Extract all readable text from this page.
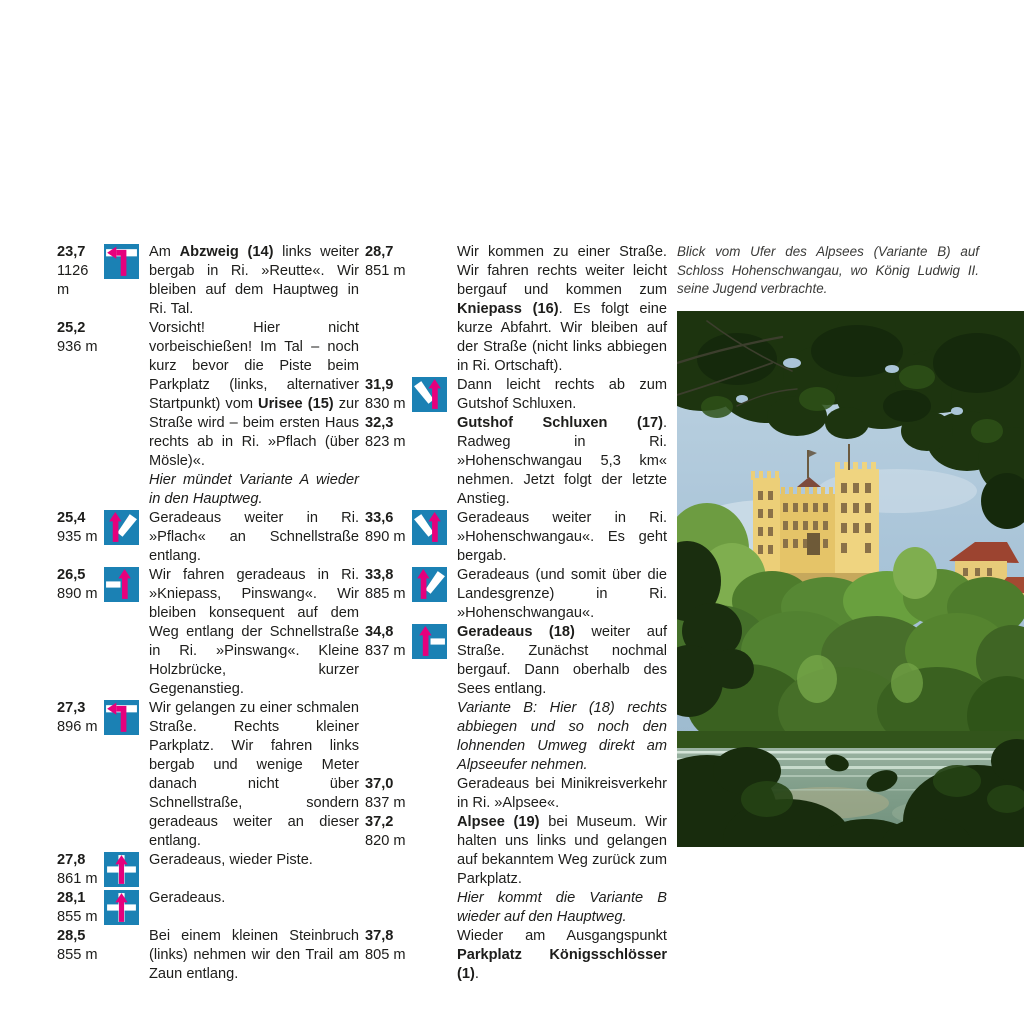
23,7
1126 m

Am Abzweig (14) links weiter bergab in Ri. »Reutte«. Wir bleiben auf dem Hauptweg in Ri. Tal.

25,2
936 m

Vorsicht! Hier nicht vorbeischießen! Im Tal – noch kurz bevor die Piste beim Parkplatz (links, alternativer Startpunkt) vom Urisee (15) zur Straße wird – beim ersten Haus rechts ab in Ri. »Pflach (über Mösle)«.

Hier mündet Variante A wieder in den Hauptweg.

25,4
935 m

Geradeaus weiter in Ri. »Pflach« an Schnellstraße entlang.

26,5
890 m

Wir fahren geradeaus in Ri. »Kniepass, Pinswang«. Wir bleiben konsequent auf dem Weg entlang der Schnellstraße in Ri. »Pinswang«. Kleine Holzbrücke, kurzer Gegenanstieg.

27,3
896 m

Wir gelangen zu einer schmalen Straße. Rechts kleiner Parkplatz. Wir fahren links bergab und wenige Meter danach nicht über Schnellstraße, sondern geradeaus weiter an dieser entlang.

27,8
861 m

Geradeaus, wieder Piste.

28,1
855 m

Geradeaus.

28,5
855 m

Bei einem kleinen Steinbruch (links) nehmen wir den Trail am Zaun entlang.

28,7
851 m

Wir kommen zu einer Straße. Wir fahren rechts weiter leicht bergauf und kommen zum Kniepass (16). Es folgt eine kurze Abfahrt. Wir bleiben auf der Straße (nicht links abbiegen in Ri. Ortschaft).

31,9
830 m

Dann leicht rechts ab zum Gutshof Schluxen.

32,3
823 m

Gutshof Schluxen (17). Radweg in Ri. »Hohenschwangau 5,3 km« nehmen. Jetzt folgt der letzte Anstieg.

33,6
890 m

Geradeaus weiter in Ri. »Hohenschwangau«. Es geht bergab.

33,8
885 m

Geradeaus (und somit über die Landesgrenze) in Ri. »Hohenschwangau«.

34,8
837 m

Geradeaus (18) weiter auf Straße. Zunächst nochmal bergauf. Dann oberhalb des Sees entlang.

Variante B: Hier (18) rechts abbiegen und so noch den lohnenden Umweg direkt am Alpseeufer nehmen.

37,0
837 m

Geradeaus bei Minikreisverkehr in Ri. »Alpsee«.

37,2
820 m

Alpsee (19) bei Museum. Wir halten uns links und gelangen auf bekanntem Weg zurück zum Parkplatz.

Hier kommt die Variante B wieder auf den Hauptweg.

37,8
805 m

Wieder am Ausgangspunkt Parkplatz Königsschlösser (1).

Blick vom Ufer des Alpsees (Variante B) auf Schloss Hohenschwangau, wo König Ludwig II. seine Jugend verbrachte.
